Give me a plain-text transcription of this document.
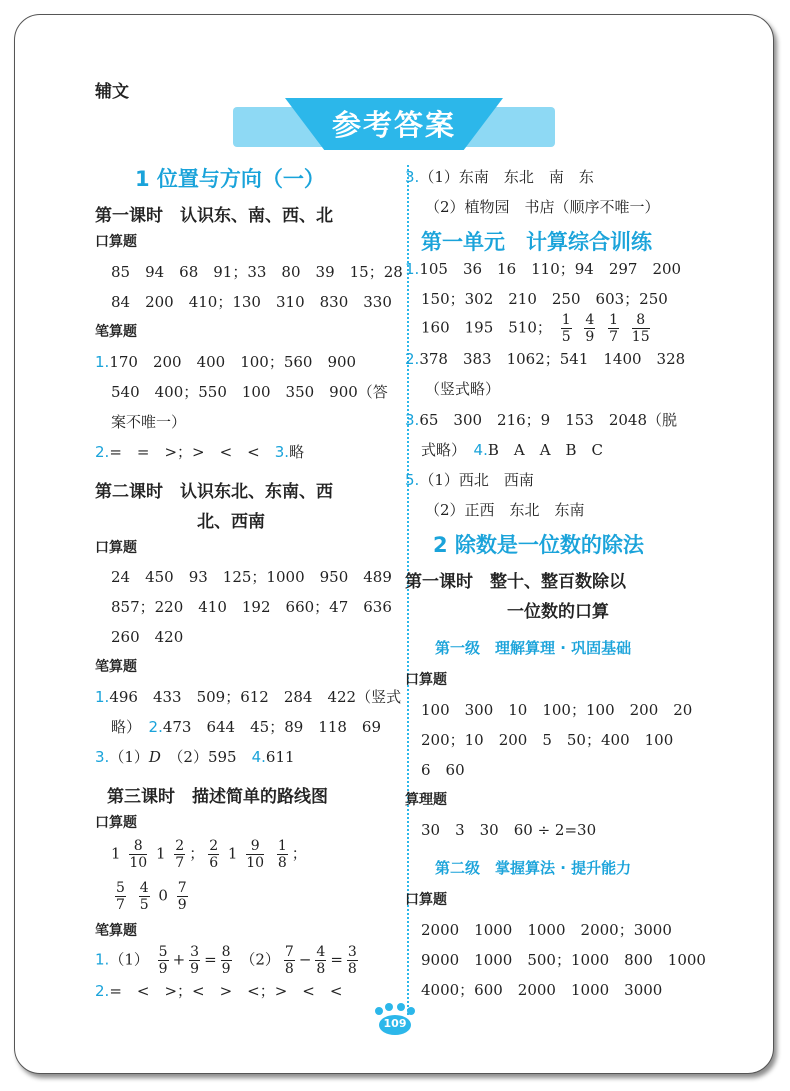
辅文
参考答案
1 位置与方向（一）
第一课时　认识东、南、西、北
口算题
85　94　68　91；33　80　39　15；28
84　200　410；130　310　830　330
笔算题
1.170　200　400　100；560　900
540　400；550　100　350　900（答
案不唯一）
2.=　=　>；>　<　<　 3.略
第二课时　认识东北、东南、西
北、西南
口算题
24　450　93　125；1000　950　489
857；220　410　192　660；47　636
260　420
笔算题
1.496　433　509；612　284　422（竖式
略）　 2.473　644　45；89　118　69
3.（1）D　 （2）595　 4.611
第三课时　描述简单的路线图
口算题
$1 \frac{8}{10} 1 \frac{2}{7}$ ； $\frac{2}{6} 1 \frac{9}{10}$
$\frac{1}{8}$ ；
$\frac{5}{7}$
$\frac{4}{5} 0 \frac{7}{9}$
笔算题
$1.(1) \frac{5}{9} + \frac{3}{9} = \frac{8}{9} (2) \frac{7}{8} - \frac{4}{8} = \frac{3}{8}$
2.=　<　>；<　>　<；>　<　<
3.（1）东南　东北　南　东
（2）植物园　书店（顺序不唯一）
第一单元　计算综合训练
1.105　36　16　110；94　297　200
150；302　210　250　603；250
160　195　510； $\frac{1}{5}$
$\frac{4}{9}$
$\frac{1}{7}$
$\frac{8}{15}$
2.378　383　1062；541　1400　328
（竖式略）
3.65　300　216；9　153　2048（脱
式略）　 4.B　A　A　B　C
5.（1）西北　西南
（2）正西　东北　东南
2 除数是一位数的除法
第一课时　整十、整百数除以
一位数的口算
第一级　理解算理 · 巩固基础
口算题
100　300　10　100；100　200　20
200；10　200　5　50；400　100
6　60
算理题
30　3　30　60 ÷ 2=30
第二级　掌握算法 · 提升能力
口算题
2000　1000　1000　2000；3000
9000　1000　500；1000　800　1000
4000；600　2000　1000　3000
109
